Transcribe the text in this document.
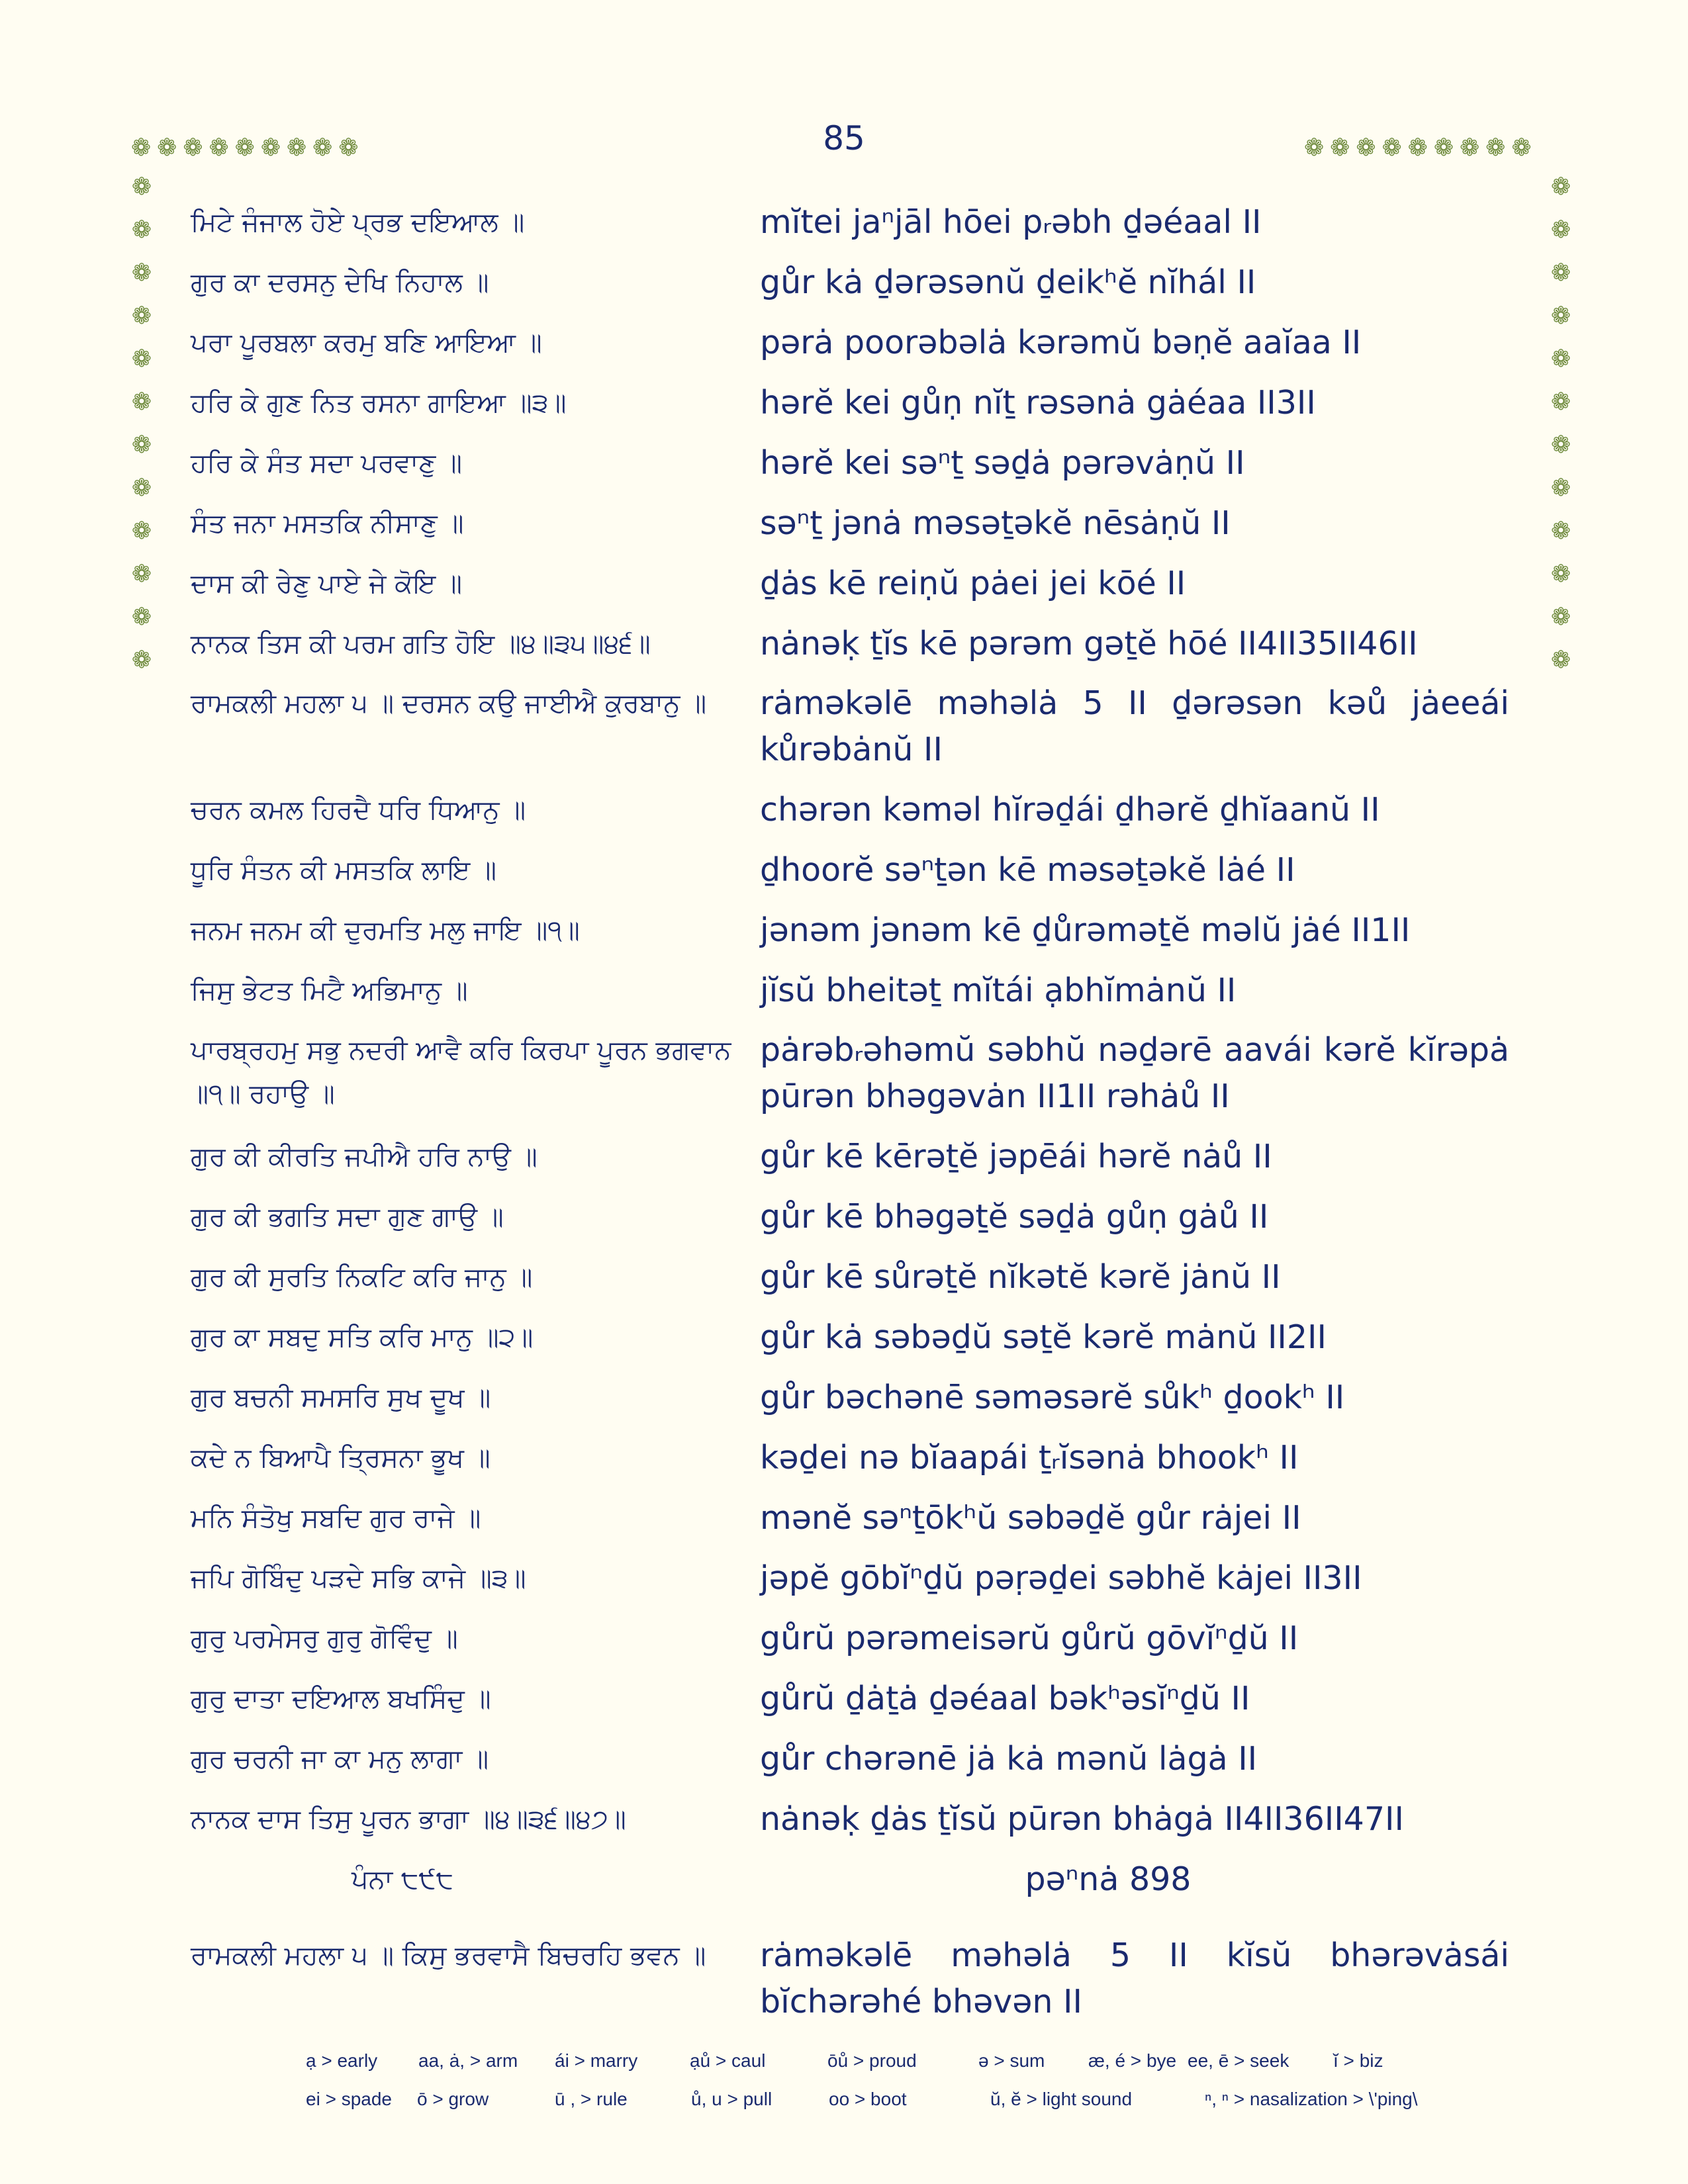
85
❁❁❁❁❁❁❁❁❁	❁❁❁❁❁❁❁❁❁
❁
❁
❁
❁
❁
❁
❁
❁
❁
❁
❁
❁
❁
❁
❁
❁
❁
❁
❁
❁
❁
❁
❁
❁
ਮਿਟੇ ਜੰਜਾਲ ਹੋਏ ਪ੍ਰਭ ਦਇਆਲ ॥	mĭtei jaⁿjāl hōei pᵣəbh ḏəéaal II
ਗੁਰ ਕਾ ਦਰਸਨੁ ਦੇਖਿ ਨਿਹਾਲ ॥	gůr kȧ ḏərəsənŭ ḏeikʰĕ nĭhál II
ਪਰਾ ਪੂਰਬਲਾ ਕਰਮੁ ਬਣਿ ਆਇਆ ॥	pərȧ poorəbəlȧ kərəmŭ bəṇĕ aaĭaa II
ਹਰਿ ਕੇ ਗੁਣ ਨਿਤ ਰਸਨਾ ਗਾਇਆ ॥੩॥	hərĕ kei gůṇ nĭṯ rəsənȧ gȧéaa II3II
ਹਰਿ ਕੇ ਸੰਤ ਸਦਾ ਪਰਵਾਣੁ ॥	hərĕ kei səⁿṯ səḏȧ pərəvȧṇŭ II
ਸੰਤ ਜਨਾ ਮਸਤਕਿ ਨੀਸਾਣੁ ॥	səⁿṯ jənȧ məsəṯəkĕ nēsȧṇŭ II
ਦਾਸ ਕੀ ਰੇਣੁ ਪਾਏ ਜੇ ਕੋਇ ॥	ḏȧs kē reiṇŭ pȧei jei kōé II
ਨਾਨਕ ਤਿਸ ਕੀ ਪਰਮ ਗਤਿ ਹੋਇ ॥੪॥੩੫॥੪੬॥	nȧnəḳ ṯĭs kē pərəm gəṯĕ hōé II4II35II46II
ਰਾਮਕਲੀ ਮਹਲਾ ੫ ॥ ਦਰਸਨ ਕਉ ਜਾਈਐ ਕੁਰਬਾਨੁ ॥	rȧməkəlē məhəlȧ 5 II ḏərəsən kəů jȧeeái kůrəbȧnŭ II
ਚਰਨ ਕਮਲ ਹਿਰਦੈ ਧਰਿ ਧਿਆਨੁ ॥	chərən kəməl hĭrəḏái ḏhərĕ ḏhĭaanŭ II
ਧੂਰਿ ਸੰਤਨ ਕੀ ਮਸਤਕਿ ਲਾਇ ॥	ḏhoorĕ səⁿṯən kē məsəṯəkĕ lȧé II
ਜਨਮ ਜਨਮ ਕੀ ਦੁਰਮਤਿ ਮਲੁ ਜਾਇ ॥੧॥	jənəm jənəm kē ḏůrəməṯĕ məlŭ jȧé II1II
ਜਿਸੁ ਭੇਟਤ ਮਿਟੈ ਅਭਿਮਾਨੁ ॥	jĭsŭ bheitəṯ mĭtái ạbhĭmȧnŭ II
ਪਾਰਬ੍ਰਹਮੁ ਸਭੁ ਨਦਰੀ ਆਵੈ ਕਰਿ ਕਿਰਪਾ ਪੂਰਨ ਭਗਵਾਨ ॥੧॥ ਰਹਾਉ ॥
pȧrəbᵣəhəmŭ səbhŭ nəḏərē aavái kərĕ kĭrəpȧ pūrən bhəgəvȧn II1II rəhȧů II
ਗੁਰ ਕੀ ਕੀਰਤਿ ਜਪੀਐ ਹਰਿ ਨਾਉ ॥	gůr kē kērəṯĕ jəpēái hərĕ nȧů II
ਗੁਰ ਕੀ ਭਗਤਿ ਸਦਾ ਗੁਣ ਗਾਉ ॥	gůr kē bhəgəṯĕ səḏȧ gůṇ gȧů II
ਗੁਰ ਕੀ ਸੁਰਤਿ ਨਿਕਟਿ ਕਰਿ ਜਾਨੁ ॥	gůr kē sůrəṯĕ nĭkətĕ kərĕ jȧnŭ II
ਗੁਰ ਕਾ ਸਬਦੁ ਸਤਿ ਕਰਿ ਮਾਨੁ ॥੨॥	gůr kȧ səbəḏŭ səṯĕ kərĕ mȧnŭ II2II
ਗੁਰ ਬਚਨੀ ਸਮਸਰਿ ਸੁਖ ਦੂਖ ॥	gůr bəchənē səməsərĕ sůkʰ ḏookʰ II
ਕਦੇ ਨ ਬਿਆਪੈ ਤ੍ਰਿਸਨਾ ਭੂਖ ॥	kəḏei nə bĭaapái ṯᵣĭsənȧ bhookʰ II
ਮਨਿ ਸੰਤੋਖੁ ਸਬਦਿ ਗੁਰ ਰਾਜੇ ॥	mənĕ səⁿṯōkʰŭ səbəḏĕ gůr rȧjei II
ਜਪਿ ਗੋਬਿੰਦੁ ਪੜਦੇ ਸਭਿ ਕਾਜੇ ॥੩॥	jəpĕ gōbĭⁿḏŭ pəṛəḏei səbhĕ kȧjei II3II
ਗੁਰੁ ਪਰਮੇਸਰੁ ਗੁਰੁ ਗੋਵਿੰਦੁ ॥	gůrŭ pərəmeisərŭ gůrŭ gōvĭⁿḏŭ II
ਗੁਰੁ ਦਾਤਾ ਦਇਆਲ ਬਖਸਿੰਦੁ ॥	gůrŭ ḏȧṯȧ ḏəéaal bəkʰəsĭⁿḏŭ II
ਗੁਰ ਚਰਨੀ ਜਾ ਕਾ ਮਨੁ ਲਾਗਾ ॥	gůr chərənē jȧ kȧ mənŭ lȧgȧ II
ਨਾਨਕ ਦਾਸ ਤਿਸੁ ਪੂਰਨ ਭਾਗਾ ॥੪॥੩੬॥੪੭॥	nȧnəḳ ḏȧs ṯĭsŭ pūrən bhȧgȧ II4II36II47II
ਪੰਨਾ ੮੯੮	pəⁿnȧ 898
ਰਾਮਕਲੀ ਮਹਲਾ ੫ ॥ ਕਿਸੁ ਭਰਵਾਸੈ ਬਿਚਰਹਿ ਭਵਨ ॥	rȧməkəlē məhəlȧ 5 II kĭsŭ bhərəvȧsái bĭchərəhé bhəvən II
ạ > early	aa, ȧ, > arm	ái > marry	ạů > caul	ōů > proud	ə > sum	æ, é > bye ee, ē > seek	ĭ > biz
ei > spade	ō > grow	ū , > rule	ů, u > pull	oo > boot	ŭ, ĕ > light sound	ⁿ, ⁿ > nasalization > \'ping\
